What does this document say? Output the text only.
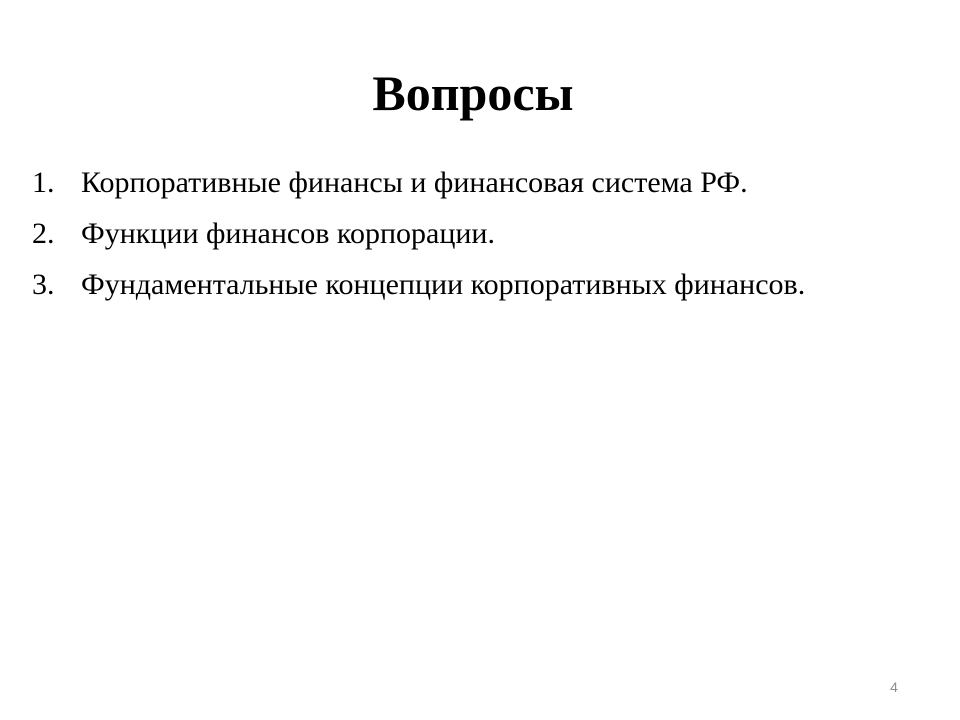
Вопросы
1. Корпоративные финансы и финансовая система РФ.
2. Функции финансов корпорации.
3. Фундаментальные концепции корпоративных финансов.
4
